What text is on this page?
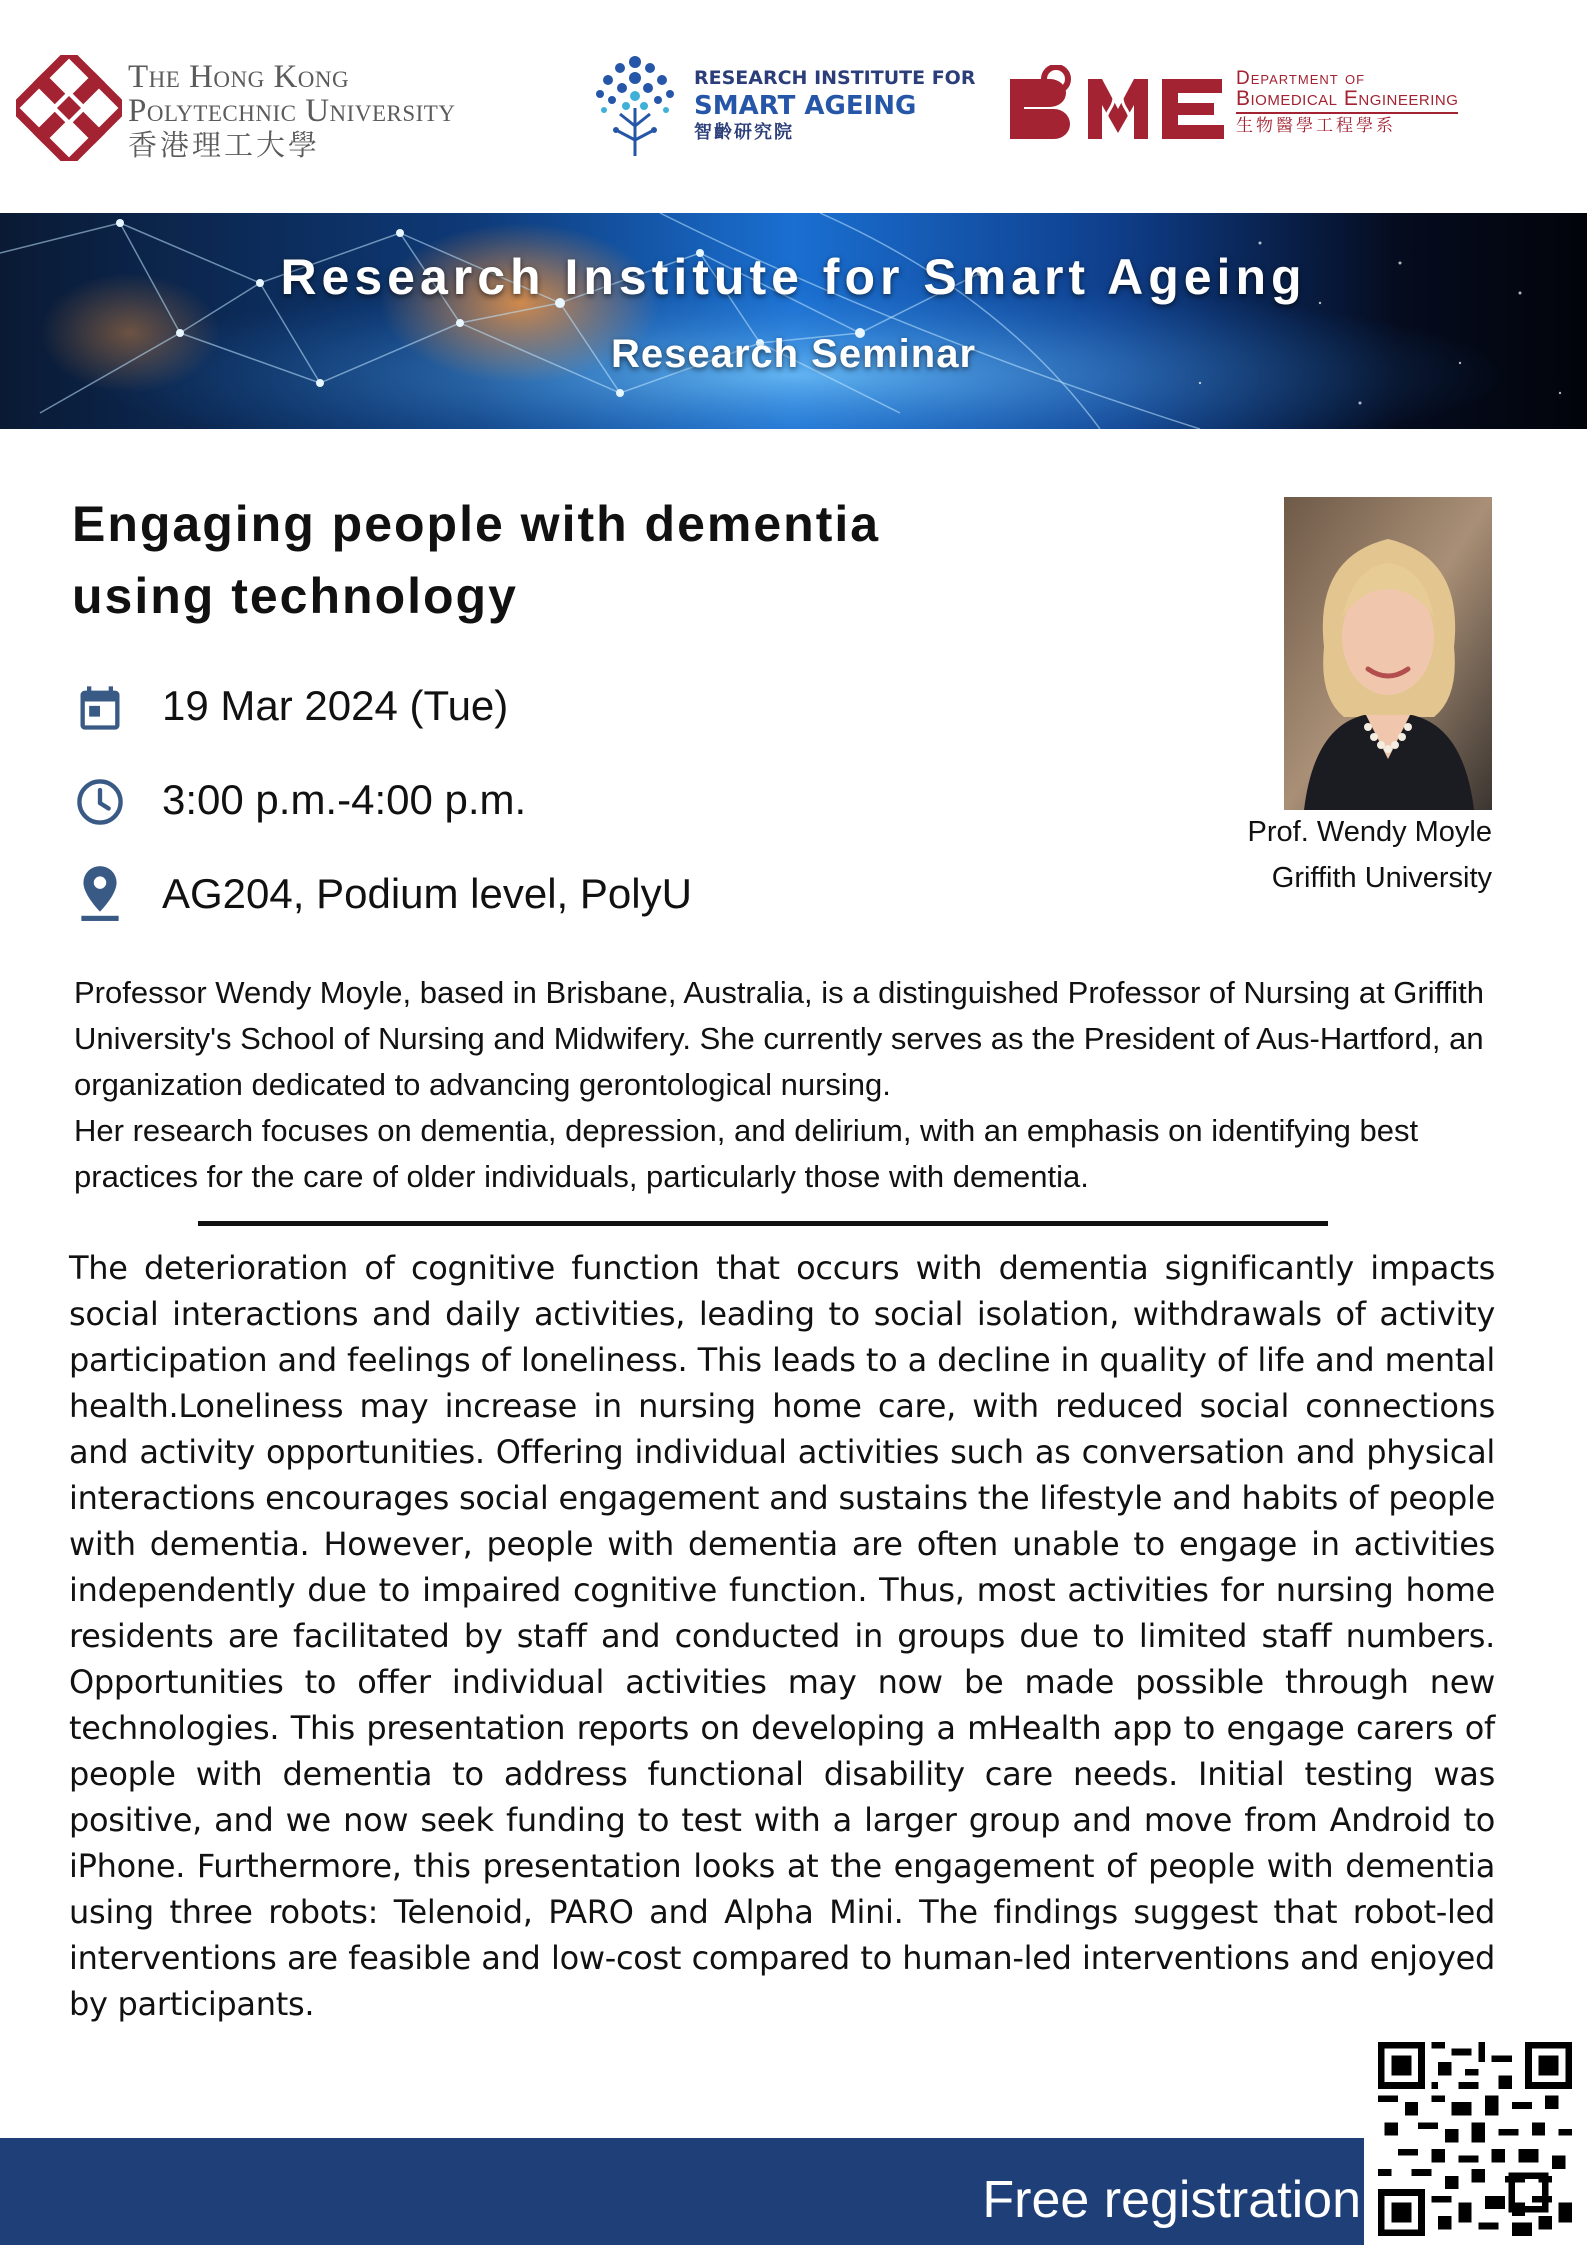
The Hong Kong
Polytechnic University
香港理工大學
RESEARCH INSTITUTE FOR
SMART AGEING
智齡研究院
Department of
Biomedical Engineering
生物醫學工程學系
Research Institute for Smart Ageing
Research Seminar
Engaging people with dementia
using technology
19 Mar 2024 (Tue)
3:00 p.m.-4:00 p.m.
AG204, Podium level, PolyU
Prof. Wendy Moyle
Griffith University

Professor Wendy Moyle, based in Brisbane, Australia, is a distinguished Professor of Nursing at Griffith University's School of Nursing and Midwifery. She currently serves as the President of Aus-Hartford, an organization dedicated to advancing gerontological nursing.

Her research focuses on dementia, depression, and delirium, with an emphasis on identifying best practices for the care of older individuals, particularly those with dementia.

The deterioration of cognitive function that occurs with dementia significantly impacts social interactions and daily activities, leading to social isolation, withdrawals of activity participation and feelings of loneliness. This leads to a decline in quality of life and mental health.Loneliness may increase in nursing home care, with reduced social connections and activity opportunities. Offering individual activities such as conversation and physical interactions encourages social engagement and sustains the lifestyle and habits of people with dementia. However, people with dementia are often unable to engage in activities independently due to impaired cognitive function. Thus, most activities for nursing home residents are facilitated by staff and conducted in groups due to limited staff numbers. Opportunities to offer individual activities may now be made possible through new technologies. This presentation reports on developing a mHealth app to engage carers of people with dementia to address functional disability care needs. Initial testing was positive, and we now seek funding to test with a larger group and move from Android to iPhone. Furthermore, this presentation looks at the engagement of people with dementia using three robots: Telenoid, PARO and Alpha Mini. The findings suggest that robot-led interventions are feasible and low-cost compared to human-led interventions and enjoyed by participants.
Free registration
